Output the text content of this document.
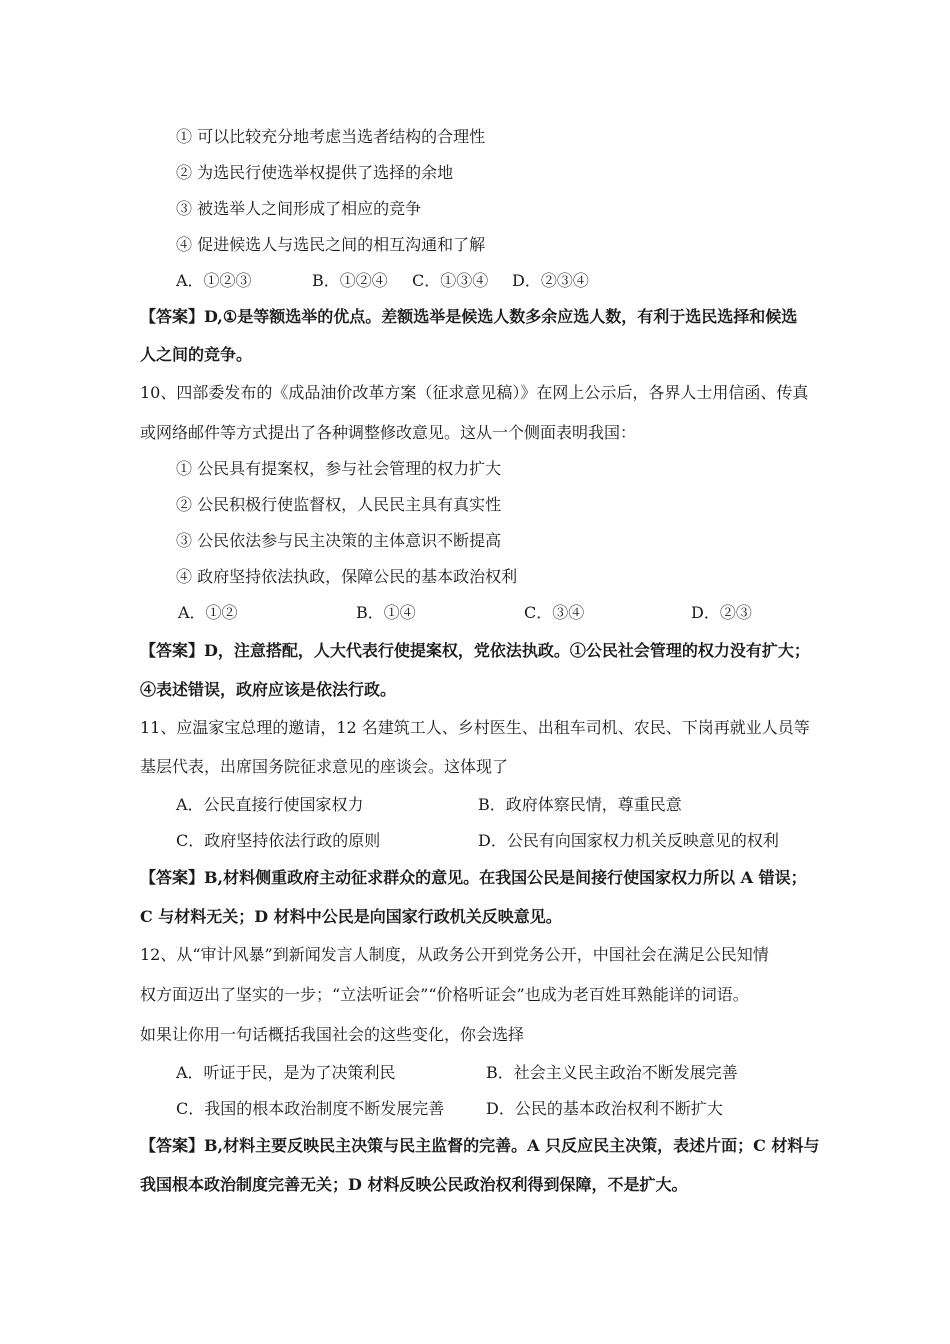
① 可以比较充分地考虑当选者结构的合理性
② 为选民行使选举权提供了选择的余地
③ 被选举人之间形成了相应的竞争
④ 促进候选人与选民之间的相互沟通和了解
A．①②③	B．①②④ C．①③④ D．②③④
【答案】D,①是等额选举的优点。差额选举是候选人数多余应选人数，有利于选民选择和候选
人之间的竞争。
10、四部委发布的《成品油价改革方案（征求意见稿）》在网上公示后，各界人士用信函、传真
或网络邮件等方式提出了各种调整修改意见。这从一个侧面表明我国：
① 公民具有提案权，参与社会管理的权力扩大
② 公民积极行使监督权，人民民主具有真实性
③ 公民依法参与民主决策的主体意识不断提高
④ 政府坚持依法执政，保障公民的基本政治权利
A．①②	B．①④	C．③④	D．②③
【答案】D，注意搭配，人大代表行使提案权，党依法执政。①公民社会管理的权力没有扩大；
④表述错误，政府应该是依法行政。
11、应温家宝总理的邀请，12 名建筑工人、乡村医生、出租车司机、农民、下岗再就业人员等
基层代表，出席国务院征求意见的座谈会。这体现了
A．公民直接行使国家权力	B．政府体察民情，尊重民意
C．政府坚持依法行政的原则	D．公民有向国家权力机关反映意见的权利
【答案】B,材料侧重政府主动征求群众的意见。在我国公民是间接行使国家权力所以 A 错误；
C 与材料无关；D 材料中公民是向国家行政机关反映意见。
12、从“审计风暴”到新闻发言人制度，从政务公开到党务公开，中国社会在满足公民知情
权方面迈出了坚实的一步；“立法听证会”“价格听证会”也成为老百姓耳熟能详的词语。
如果让你用一句话概括我国社会的这些变化，你会选择
A．听证于民，是为了决策利民	B．社会主义民主政治不断发展完善
C．我国的根本政治制度不断发展完善	D．公民的基本政治权利不断扩大
【答案】B,材料主要反映民主决策与民主监督的完善。A 只反应民主决策，表述片面；C 材料与
我国根本政治制度完善无关；D 材料反映公民政治权利得到保障，不是扩大。
